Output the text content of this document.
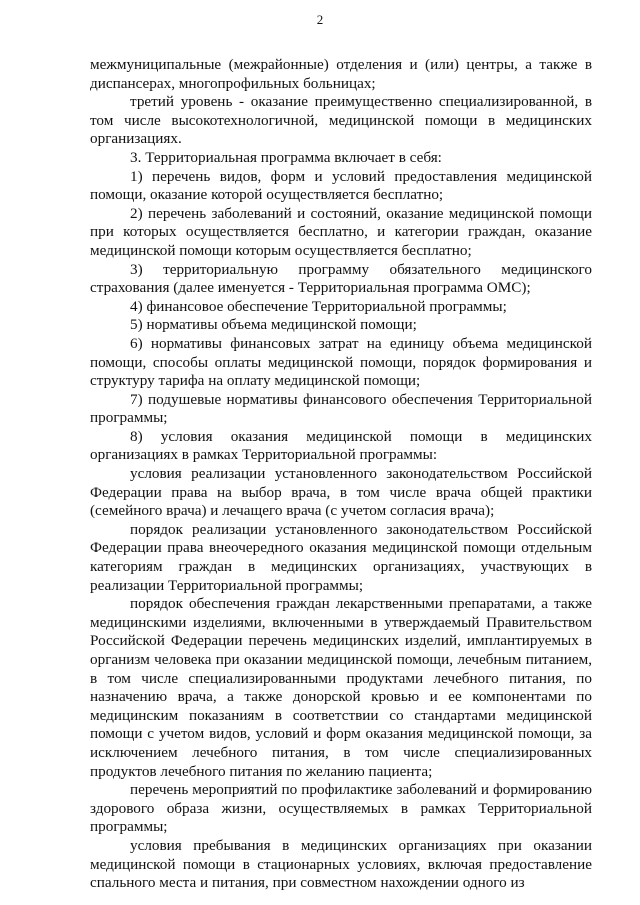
2

межмуниципальные (межрайонные) отделения и (или) центры, а также в диспансерах, многопрофильных больницах;

третий уровень - оказание преимущественно специализированной, в том числе высокотехнологичной, медицинской помощи в медицинских организациях.

3. Территориальная программа включает в себя:

1) перечень видов, форм и условий предоставления медицинской помощи, оказание которой осуществляется бесплатно;

2) перечень заболеваний и состояний, оказание медицинской помощи при которых осуществляется бесплатно, и категории граждан, оказание медицинской помощи которым осуществляется бесплатно;

3) территориальную программу обязательного медицинского страхования (далее именуется - Территориальная программа ОМС);

4) финансовое обеспечение Территориальной программы;

5) нормативы объема медицинской помощи;

6) нормативы финансовых затрат на единицу объема медицинской помощи, способы оплаты медицинской помощи, порядок формирования и структуру тарифа на оплату медицинской помощи;

7) подушевые нормативы финансового обеспечения Территориальной программы;

8) условия оказания медицинской помощи в медицинских организациях в рамках Территориальной программы:

условия реализации установленного законодательством Российской Федерации права на выбор врача, в том числе врача общей практики (семейного врача) и лечащего врача (с учетом согласия врача);

порядок реализации установленного законодательством Российской Федерации права внеочередного оказания медицинской помощи отдельным категориям граждан в медицинских организациях, участвующих в реализации Территориальной программы;

порядок обеспечения граждан лекарственными препаратами, а также медицинскими изделиями, включенными в утверждаемый Правительством Российской Федерации перечень медицинских изделий, имплантируемых в организм человека при оказании медицинской помощи, лечебным питанием, в том числе специализированными продуктами лечебного питания, по назначению врача, а также донорской кровью и ее компонентами по медицинским показаниям в соответствии со стандартами медицинской помощи с учетом видов, условий и форм оказания медицинской помощи, за исключением лечебного питания, в том числе специализированных продуктов лечебного питания по желанию пациента;

перечень мероприятий по профилактике заболеваний и формированию здорового образа жизни, осуществляемых в рамках Территориальной программы;

условия пребывания в медицинских организациях при оказании медицинской помощи в стационарных условиях, включая предоставление спального места и питания, при совместном нахождении одного из
